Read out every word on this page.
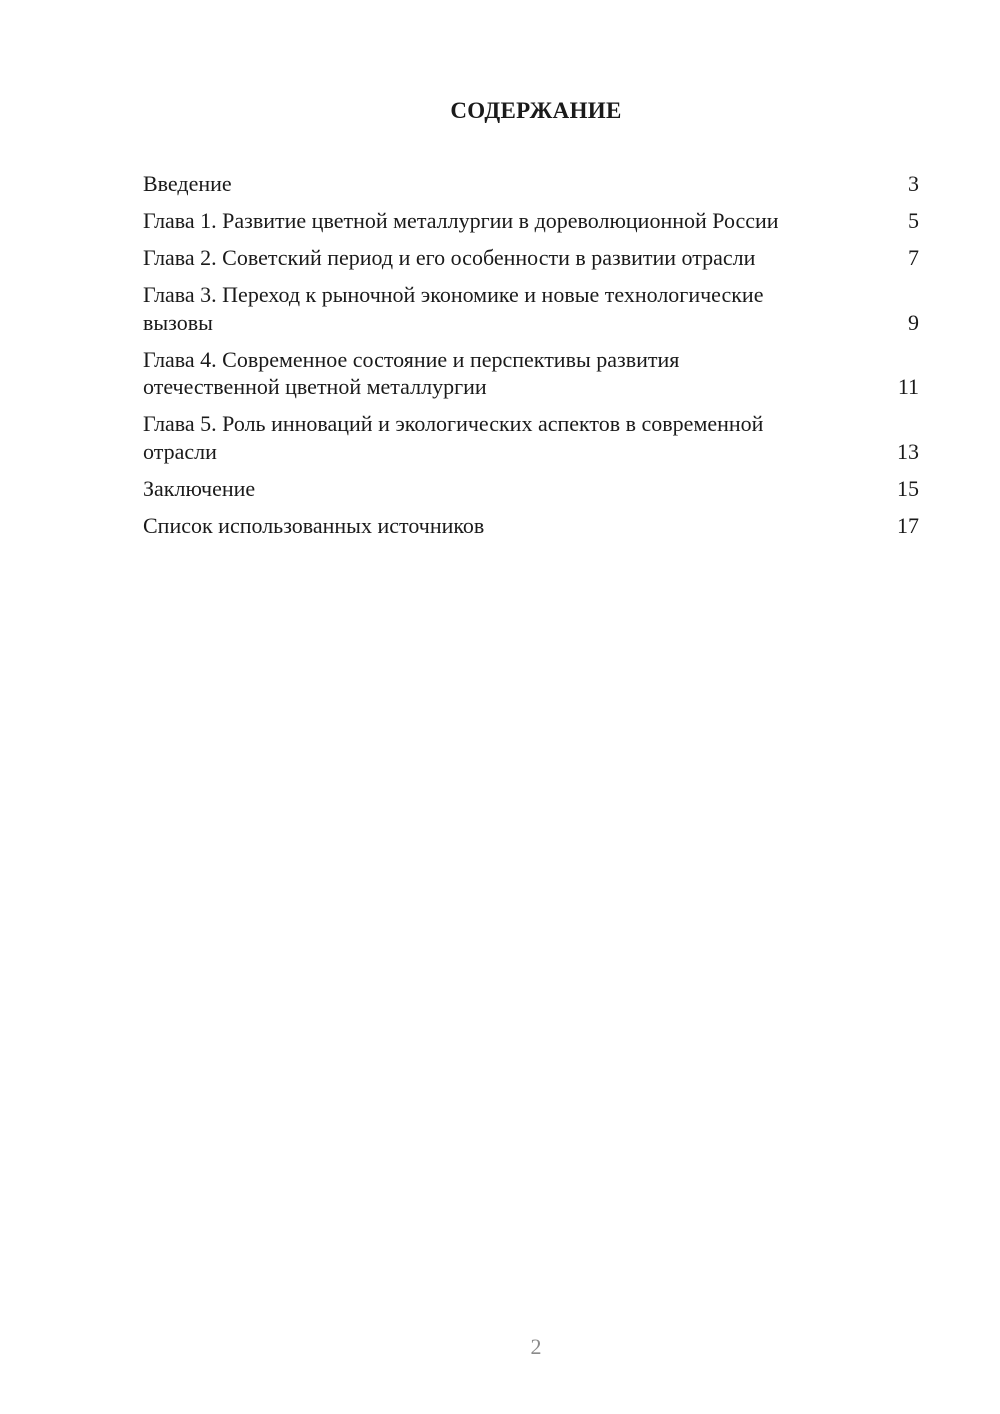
СОДЕРЖАНИЕ
Введение	3
Глава 1. Развитие цветной металлургии в дореволюционной России	5
Глава 2. Советский период и его особенности в развитии отрасли	7
Глава 3. Переход к рыночной экономике и новые технологические вызовы	9
Глава 4. Современное состояние и перспективы развития отечественной цветной металлургии	11
Глава 5. Роль инноваций и экологических аспектов в современной отрасли	13
Заключение	15
Список использованных источников	17
2
